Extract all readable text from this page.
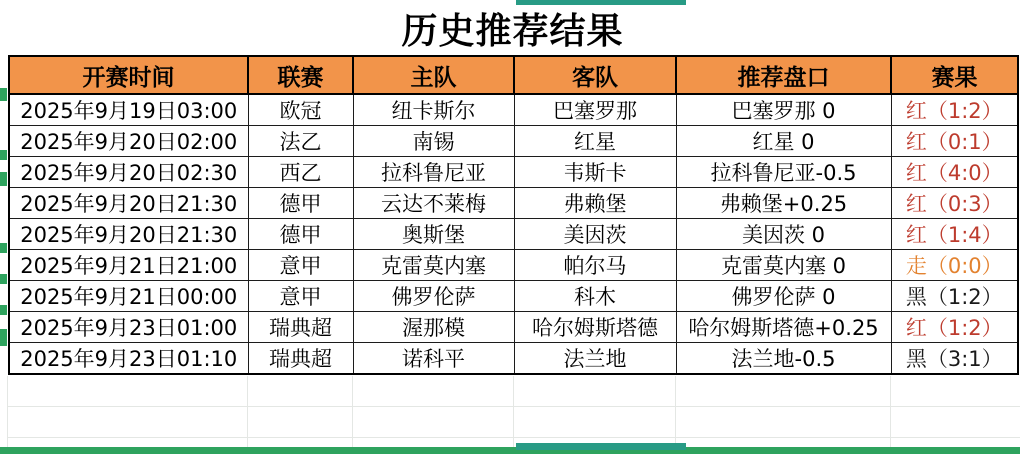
历史推荐结果
开赛时间	联赛	主队	客队	推荐盘口	赛果
2025年9月19日03:00	欧冠	纽卡斯尔	巴塞罗那	巴塞罗那 0	红（1:2）
2025年9月20日02:00	法乙	南锡	红星	红星 0	红（0:1）
2025年9月20日02:30	西乙	拉科鲁尼亚	韦斯卡	拉科鲁尼亚-0.5	红（4:0）
2025年9月20日21:30	德甲	云达不莱梅	弗赖堡	弗赖堡+0.25	红（0:3）
2025年9月20日21:30	德甲	奥斯堡	美因茨	美因茨 0	红（1:4）
2025年9月21日21:00	意甲	克雷莫内塞	帕尔马	克雷莫内塞 0	走（0:0）
2025年9月21日00:00	意甲	佛罗伦萨	科木	佛罗伦萨 0	黑（1:2）
2025年9月23日01:00	瑞典超	渥那模	哈尔姆斯塔德	哈尔姆斯塔德+0.25	红（1:2）
2025年9月23日01:10	瑞典超	诺科平	法兰地	法兰地-0.5	黑（3:1）
